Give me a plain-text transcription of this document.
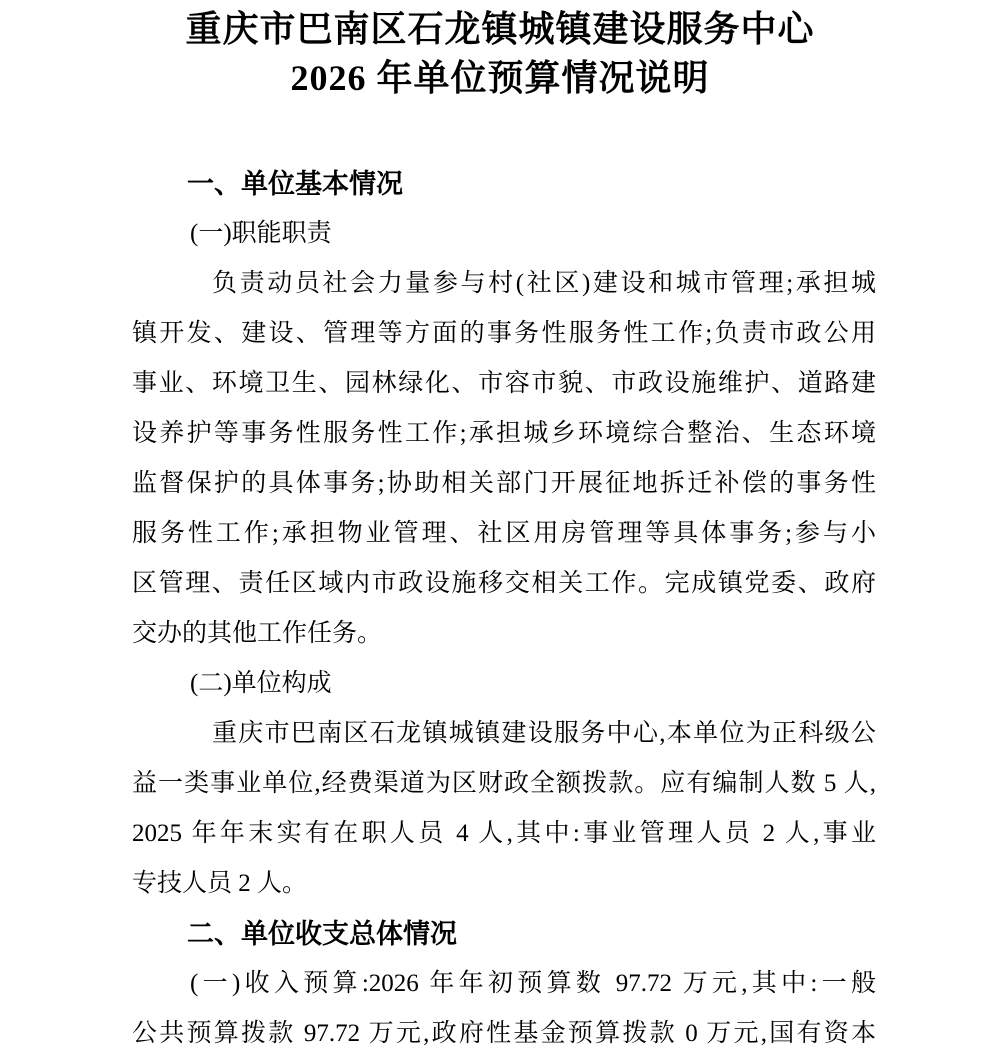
重庆市巴南区石龙镇城镇建设服务中心
2026 年单位预算情况说明
一、单位基本情况
(一)职能职责
负责动员社会力量参与村(社区)建设和城市管理;承担城
镇开发、建设、管理等方面的事务性服务性工作;负责市政公用
事业、环境卫生、园林绿化、市容市貌、市政设施维护、道路建
设养护等事务性服务性工作;承担城乡环境综合整治、生态环境
监督保护的具体事务;协助相关部门开展征地拆迁补偿的事务性
服务性工作;承担物业管理、社区用房管理等具体事务;参与小
区管理、责任区域内市政设施移交相关工作。完成镇党委、政府
交办的其他工作任务。
(二)单位构成
重庆市巴南区石龙镇城镇建设服务中心,本单位为正科级公
益一类事业单位,经费渠道为区财政全额拨款。应有编制人数 5 人,
2025 年年末实有在职人员 4 人,其中:事业管理人员 2 人,事业
专技人员 2 人。
二、单位收支总体情况
(一)收入预算:2026 年年初预算数 97.72 万元,其中:一般
公共预算拨款 97.72 万元,政府性基金预算拨款 0 万元,国有资本
